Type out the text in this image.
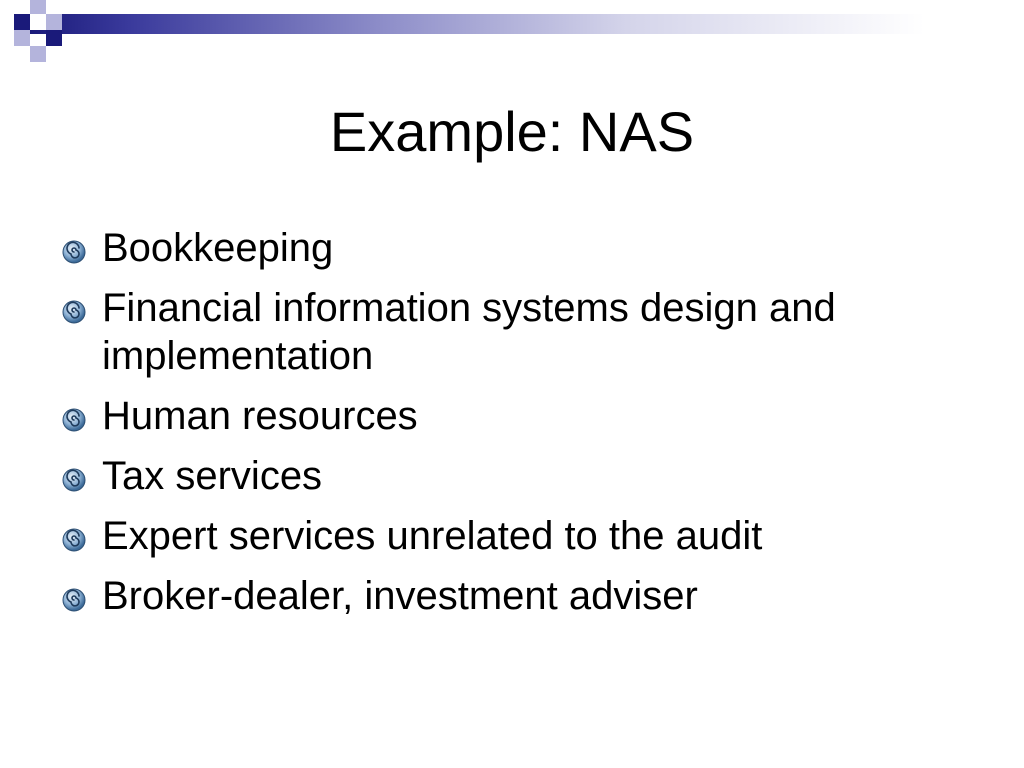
Example: NAS
Bookkeeping
Financial information systems design and implementation
Human resources
Tax services
Expert services unrelated to the audit
Broker-dealer, investment adviser
